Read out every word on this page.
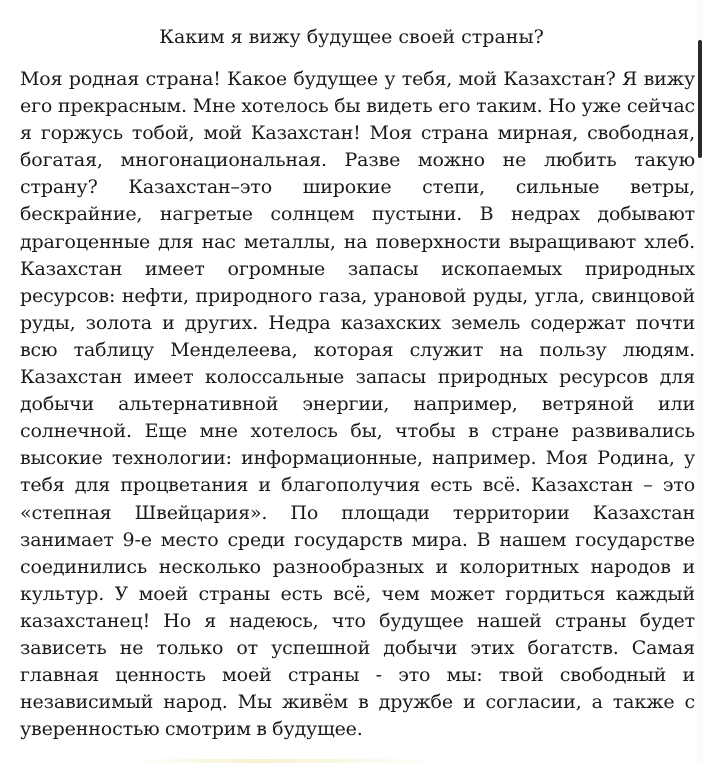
Каким я вижу будущее своей страны?

Моя родная страна! Какое будущее у тебя, мой Казахстан? Я вижу его прекрасным. Мне хотелось бы видеть его таким. Но уже сейчас я горжусь тобой, мой Казахстан! Моя страна мирная, свободная, богатая, многонациональная. Разве можно не любить такую страну? Казахстан–это широкие степи, сильные ветры, бескрайние, нагретые солнцем пустыни. В недрах добывают драгоценные для нас металлы, на поверхности выращивают хлеб. Казахстан имеет огромные запасы ископаемых природных ресурсов: нефти, природного газа, урановой руды, угла, свинцовой руды, золота и других. Недра казахских земель содержат почти всю таблицу Менделеева, которая служит на пользу людям. Казахстан имеет колоссальные запасы природных ресурсов для добычи альтернативной энергии, например, ветряной или солнечной. Еще мне хотелось бы, чтобы в стране развивались высокие технологии: информационные, например. Моя Родина, у тебя для процветания и благополучия есть всё. Казахстан – это «степная Швейцария». По площади территории Казахстан занимает 9-е место среди государств мира. В нашем государстве соединились несколько разнообразных и колоритных народов и культур. У моей страны есть всё, чем может гордиться каждый казахстанец! Но я надеюсь, что будущее нашей страны будет зависеть не только от успешной добычи этих богатств. Самая главная ценность моей страны - это мы: твой свободный и независимый народ. Мы живём в дружбе и согласии, а также с уверенностью смотрим в будущее.
